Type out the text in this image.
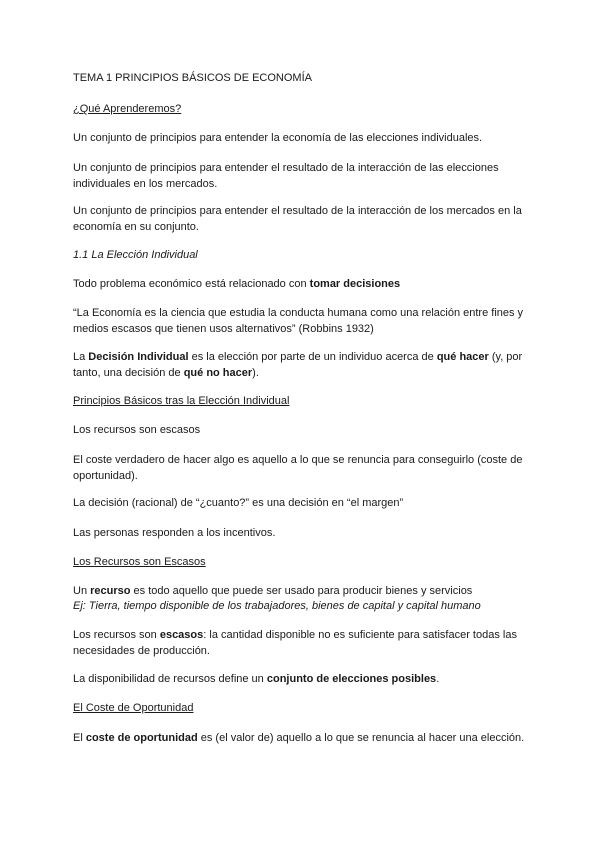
TEMA 1 PRINCIPIOS BÁSICOS DE ECONOMÍA

¿Qué Aprenderemos?

Un conjunto de principios para entender la economía de las elecciones individuales.

Un conjunto de principios para entender el resultado de la interacción de las elecciones individuales en los mercados.

Un conjunto de principios para entender el resultado de la interacción de los mercados en la economía en su conjunto.

1.1 La Elección Individual

Todo problema económico está relacionado con tomar decisiones

“La Economía es la ciencia que estudia la conducta humana como una relación entre fines y medios escasos que tienen usos alternativos” (Robbins 1932)

La Decisión Individual es la elección por parte de un individuo acerca de qué hacer (y, por tanto, una decisión de qué no hacer).

Principios Básicos tras la Elección Individual

Los recursos son escasos

El coste verdadero de hacer algo es aquello a lo que se renuncia para conseguirlo (coste de oportunidad).

La decisión (racional) de “¿cuanto?” es una decisión en “el margen”

Las personas responden a los incentivos.

Los Recursos son Escasos

Un recurso es todo aquello que puede ser usado para producir bienes y servicios

Ej: Tierra, tiempo disponible de los trabajadores, bienes de capital y capital humano

Los recursos son escasos: la cantidad disponible no es suficiente para satisfacer todas las necesidades de producción.

La disponibilidad de recursos define un conjunto de elecciones posibles.

El Coste de Oportunidad

El coste de oportunidad es (el valor de) aquello a lo que se renuncia al hacer una elección.
